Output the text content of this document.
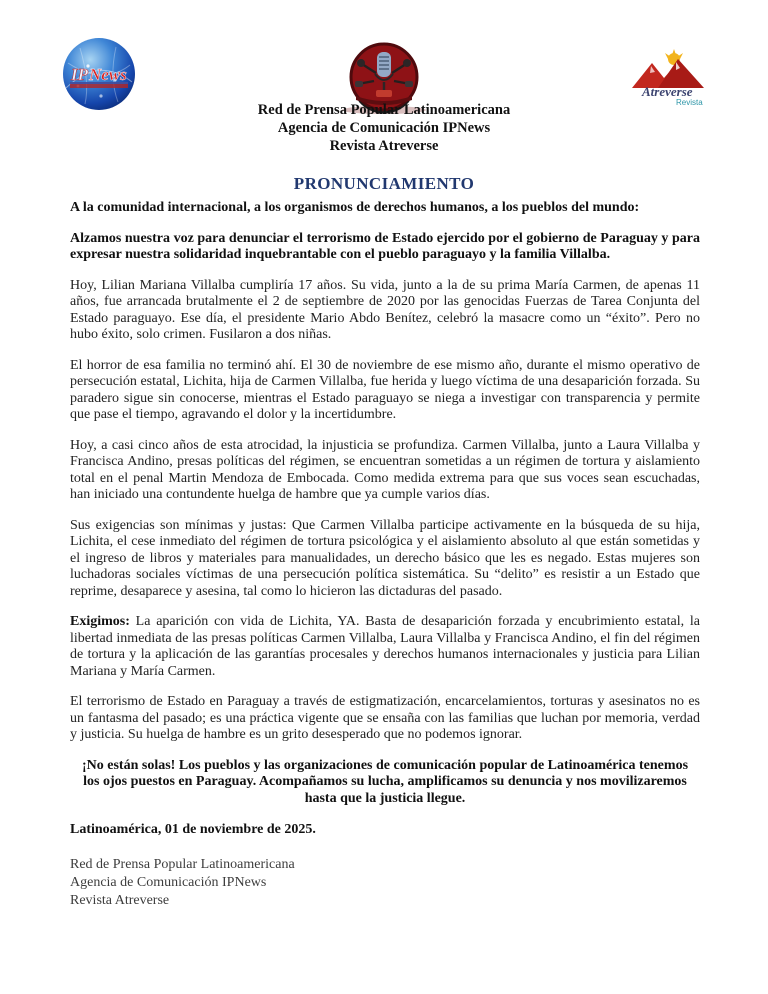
IP News
Atreverse
Revista
Red de Prensa Popular Latinoamericana
Agencia de Comunicación IPNews
Revista Atreverse
PRONUNCIAMIENTO
A la comunidad internacional, a los organismos de derechos humanos, a los pueblos del mundo:
Alzamos nuestra voz para denunciar el terrorismo de Estado ejercido por el gobierno de Paraguay y para expresar nuestra solidaridad inquebrantable con el pueblo paraguayo y la familia Villalba.
Hoy, Lilian Mariana Villalba cumpliría 17 años. Su vida, junto a la de su prima María Carmen, de apenas 11 años, fue arrancada brutalmente el 2 de septiembre de 2020 por las genocidas Fuerzas de Tarea Conjunta del Estado paraguayo. Ese día, el presidente Mario Abdo Benítez, celebró la masacre como un “éxito”. Pero no hubo éxito, solo crimen. Fusilaron a dos niñas.
El horror de esa familia no terminó ahí. El 30 de noviembre de ese mismo año, durante el mismo operativo de persecución estatal, Lichita, hija de Carmen Villalba, fue herida y luego víctima de una desaparición forzada. Su paradero sigue sin conocerse, mientras el Estado paraguayo se niega a investigar con transparencia y permite que pase el tiempo, agravando el dolor y la incertidumbre.
Hoy, a casi cinco años de esta atrocidad, la injusticia se profundiza. Carmen Villalba, junto a Laura Villalba y Francisca Andino, presas políticas del régimen, se encuentran sometidas a un régimen de tortura y aislamiento total en el penal Martin Mendoza de Embocada. Como medida extrema para que sus voces sean escuchadas, han iniciado una contundente huelga de hambre que ya cumple varios días.
Sus exigencias son mínimas y justas: Que Carmen Villalba participe activamente en la búsqueda de su hija, Lichita, el cese inmediato del régimen de tortura psicológica y el aislamiento absoluto al que están sometidas y el ingreso de libros y materiales para manualidades, un derecho básico que les es negado. Estas mujeres son luchadoras sociales víctimas de una persecución política sistemática. Su “delito” es resistir a un Estado que reprime, desaparece y asesina, tal como lo hicieron las dictaduras del pasado.
Exigimos: La aparición con vida de Lichita, YA. Basta de desaparición forzada y encubrimiento estatal, la libertad inmediata de las presas políticas Carmen Villalba, Laura Villalba y Francisca Andino, el fin del régimen de tortura y la aplicación de las garantías procesales y derechos humanos internacionales y justicia para Lilian Mariana y María Carmen.
El terrorismo de Estado en Paraguay a través de estigmatización, encarcelamientos, torturas y asesinatos no es un fantasma del pasado; es una práctica vigente que se ensaña con las familias que luchan por memoria, verdad y justicia. Su huelga de hambre es un grito desesperado que no podemos ignorar.
¡No están solas! Los pueblos y las organizaciones de comunicación popular de Latinoamérica tenemos los ojos puestos en Paraguay. Acompañamos su lucha, amplificamos su denuncia y nos movilizaremos hasta que la justicia llegue.
Latinoamérica, 01 de noviembre de 2025.
Red de Prensa Popular Latinoamericana
Agencia de Comunicación IPNews
Revista Atreverse
